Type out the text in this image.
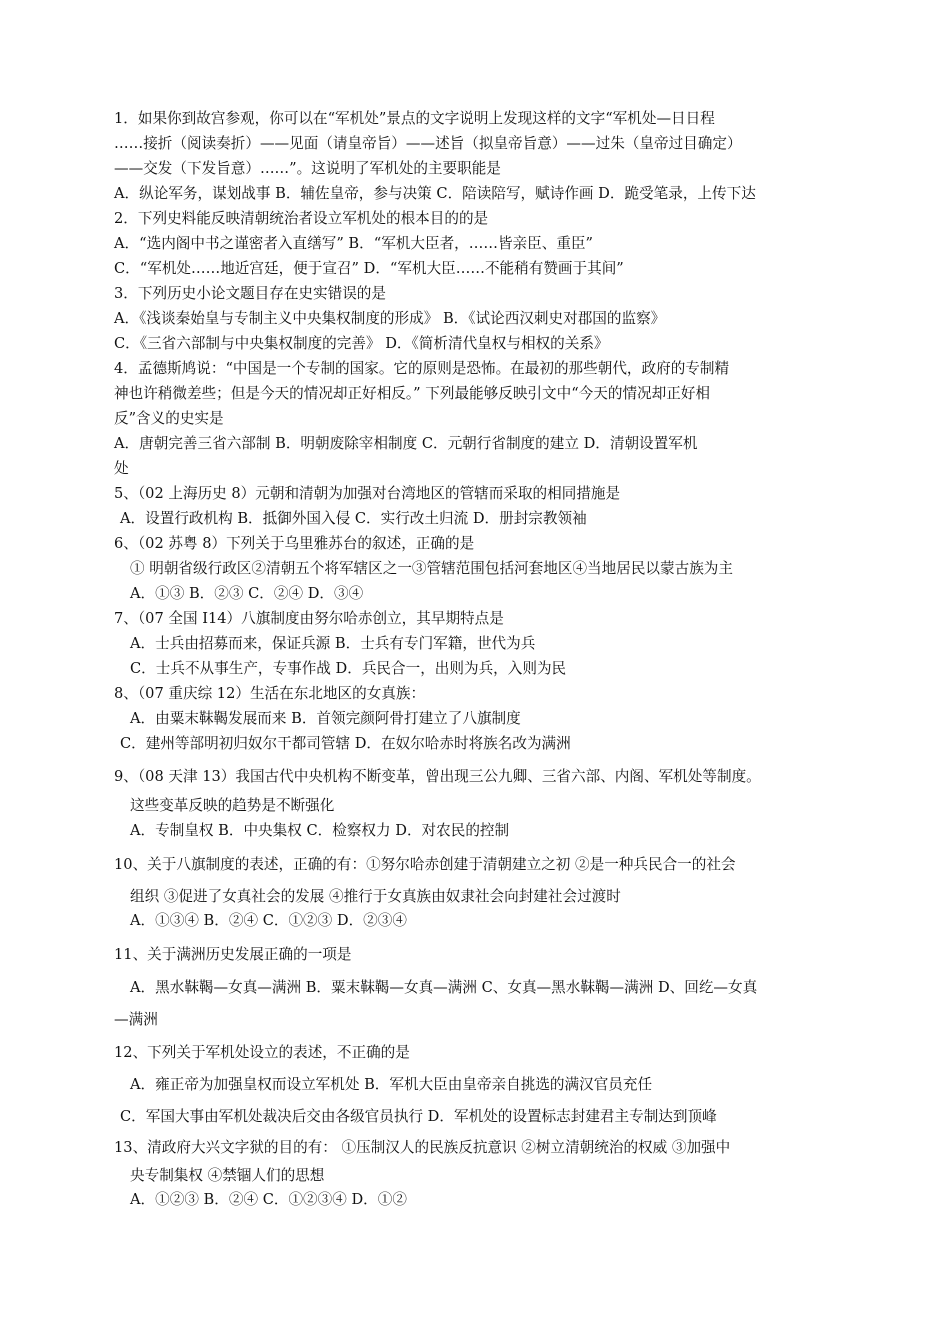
1．如果你到故宫参观，你可以在“军机处”景点的文字说明上发现这样的文字“军机处—日日程
……接折（阅读奏折）——见面（请皇帝旨）——述旨（拟皇帝旨意）——过朱（皇帝过目确定）
——交发（下发旨意）……”。这说明了军机处的主要职能是
A．纵论军务，谋划战事 B．辅佐皇帝，参与决策 C．陪读陪写，赋诗作画 D．跪受笔录，上传下达
2．下列史料能反映清朝统治者设立军机处的根本目的的是
A．“选内阁中书之谨密者入直缮写” B．“军机大臣者，……皆亲臣、重臣”
C．“军机处……地近宫廷，便于宣召” D．“军机大臣……不能稍有赞画于其间”
3．下列历史小论文题目存在史实错误的是
A．《浅谈秦始皇与专制主义中央集权制度的形成》 B．《试论西汉刺史对郡国的监察》
C．《三省六部制与中央集权制度的完善》 D．《简析清代皇权与相权的关系》
4．孟德斯鸠说：“中国是一个专制的国家。它的原则是恐怖。在最初的那些朝代，政府的专制精
神也许稍微差些；但是今天的情况却正好相反。” 下列最能够反映引文中“今天的情况却正好相
反”含义的史实是
A．唐朝完善三省六部制 B．明朝废除宰相制度 C．元朝行省制度的建立 D．清朝设置军机
处
5、（02 上海历史 8）元朝和清朝为加强对台湾地区的管辖而采取的相同措施是
A．设置行政机构 B．抵御外国入侵 C．实行改土归流 D．册封宗教领袖
6、（02 苏粤 8）下列关于乌里雅苏台的叙述，正确的是
① 明朝省级行政区②清朝五个将军辖区之一③管辖范围包括河套地区④当地居民以蒙古族为主
A．①③ B．②③ C．②④ D．③④
7、（07 全国 I14）八旗制度由努尔哈赤创立，其早期特点是
A．士兵由招募而来，保证兵源 B．士兵有专门军籍，世代为兵
C．士兵不从事生产，专事作战 D．兵民合一，出则为兵，入则为民
8、（07 重庆综 12）生活在东北地区的女真族：
A．由粟末靺鞨发展而来 B．首领完颜阿骨打建立了八旗制度
C．建州等部明初归奴尔干都司管辖 D．在奴尔哈赤时将族名改为满洲
9、（08 天津 13）我国古代中央机构不断变革，曾出现三公九卿、三省六部、内阁、军机处等制度。
这些变革反映的趋势是不断强化
A．专制皇权 B．中央集权 C．检察权力 D．对农民的控制
10、关于八旗制度的表述，正确的有：①努尔哈赤创建于清朝建立之初 ②是一种兵民合一的社会
组织 ③促进了女真社会的发展 ④推行于女真族由奴隶社会向封建社会过渡时
A．①③④ B．②④ C．①②③ D．②③④
11、关于满洲历史发展正确的一项是
A．黑水靺鞨—女真—满洲 B．粟末靺鞨—女真—满洲 C、女真—黑水靺鞨—满洲 D、回纥—女真
—满洲
12、下列关于军机处设立的表述，不正确的是
A．雍正帝为加强皇权而设立军机处 B．军机大臣由皇帝亲自挑选的满汉官员充任
C．军国大事由军机处裁决后交由各级官员执行 D．军机处的设置标志封建君主专制达到顶峰
13、清政府大兴文字狱的目的有： ①压制汉人的民族反抗意识 ②树立清朝统治的权威 ③加强中
央专制集权 ④禁锢人们的思想
A．①②③ B．②④ C．①②③④ D．①②
